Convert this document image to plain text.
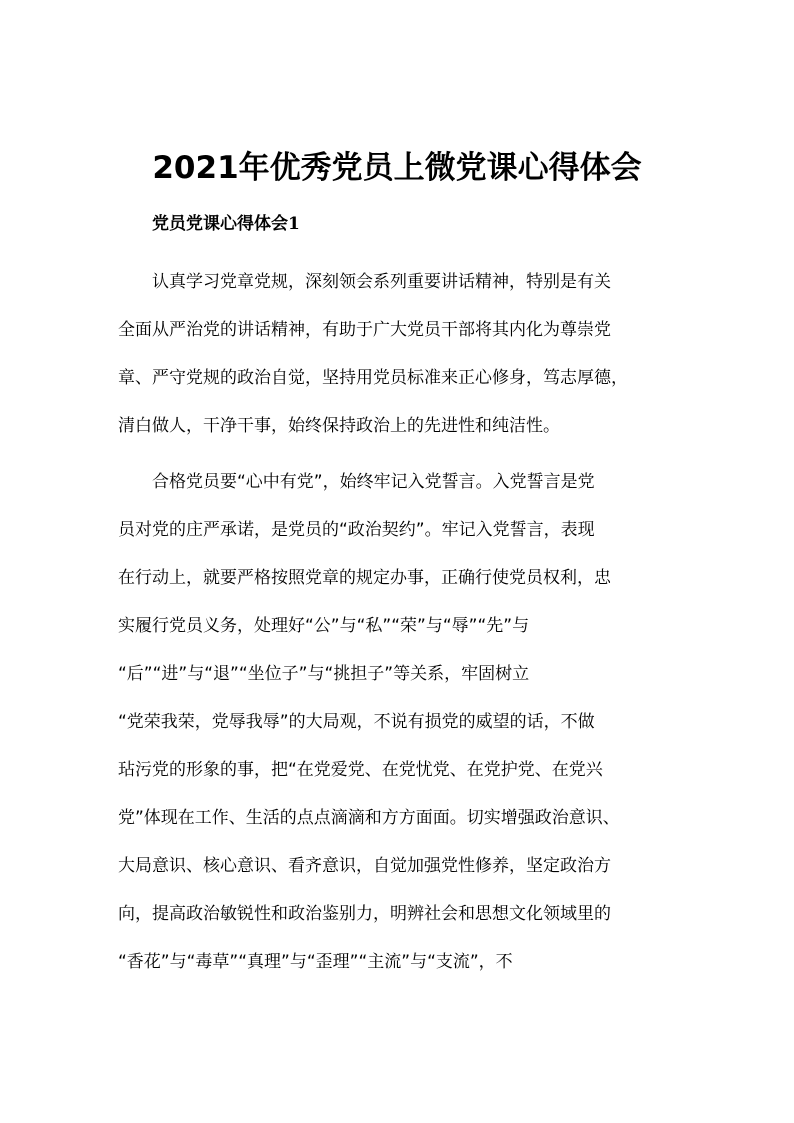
2021年优秀党员上微党课心得体会
党员党课心得体会1
认真学习党章党规，深刻领会系列重要讲话精神，特别是有关
全面从严治党的讲话精神，有助于广大党员干部将其内化为尊崇党
章、严守党规的政治自觉，坚持用党员标准来正心修身，笃志厚德，
清白做人，干净干事，始终保持政治上的先进性和纯洁性。
合格党员要“心中有党”，始终牢记入党誓言。入党誓言是党
员对党的庄严承诺，是党员的“政治契约”。牢记入党誓言，表现
在行动上，就要严格按照党章的规定办事，正确行使党员权利，忠
实履行党员义务，处理好“公”与“私”“荣”与“辱”“先”与
“后”“进”与“退”“坐位子”与“挑担子”等关系，牢固树立
“党荣我荣，党辱我辱”的大局观，不说有损党的威望的话，不做
玷污党的形象的事，把“在党爱党、在党忧党、在党护党、在党兴
党”体现在工作、生活的点点滴滴和方方面面。切实增强政治意识、
大局意识、核心意识、看齐意识，自觉加强党性修养，坚定政治方
向，提高政治敏锐性和政治鉴别力，明辨社会和思想文化领域里的
“香花”与“毒草”“真理”与“歪理”“主流”与“支流”，不
